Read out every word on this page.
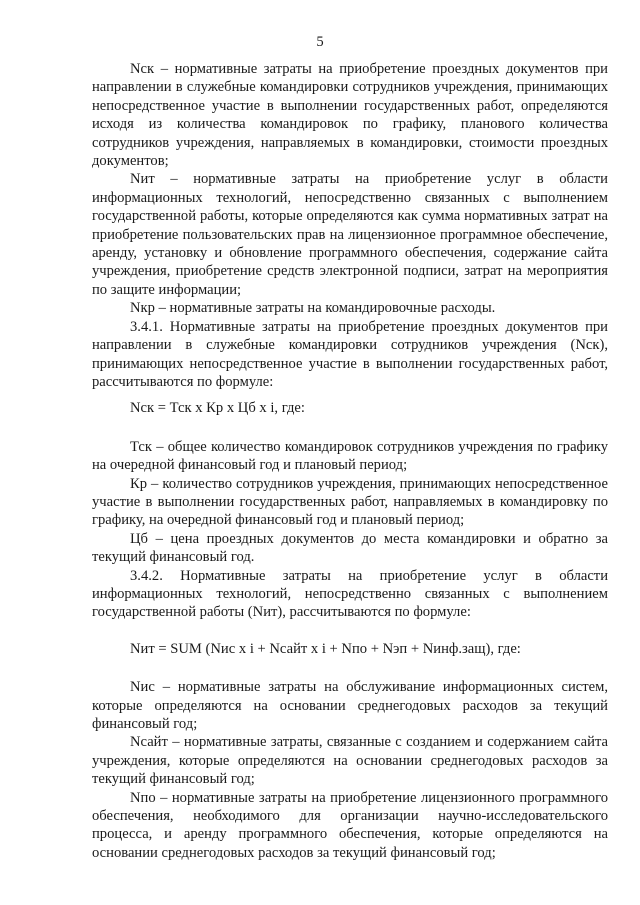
5

Nск – нормативные затраты на приобретение проездных документов при направлении в служебные командировки сотрудников учреждения, принимающих непосредственное участие в выполнении государственных работ, определяются исходя из количества командировок по графику, планового количества сотрудников учреждения, направляемых в командировки, стоимости проездных документов;

Nит – нормативные затраты на приобретение услуг в области информационных технологий, непосредственно связанных с выполнением государственной работы, которые определяются как сумма нормативных затрат на приобретение пользовательских прав на лицензионное программное обеспечение, аренду, установку и обновление программного обеспечения, содержание сайта учреждения, приобретение средств электронной подписи, затрат на мероприятия по защите информации;

Nкр – нормативные затраты на командировочные расходы.

3.4.1. Нормативные затраты на приобретение проездных документов при направлении в служебные командировки сотрудников учреждения (Nск), принимающих непосредственное участие в выполнении государственных работ, рассчитываются по формуле:

Nск = Тск х Кр х Цб х i, где:

Тск – общее количество командировок сотрудников учреждения по графику на очередной финансовый год и плановый период;

Кр – количество сотрудников учреждения, принимающих непосредственное участие в выполнении государственных работ, направляемых в командировку по графику, на очередной финансовый год и плановый период;

Цб – цена проездных документов до места командировки и обратно за текущий финансовый год.

3.4.2. Нормативные затраты на приобретение услуг в области информационных технологий, непосредственно связанных с выполнением государственной работы (Nит), рассчитываются по формуле:

Nит = SUM (Nис х i + Nсайт х i + Nпо + Nэп + Nинф.защ), где:

Nис – нормативные затраты на обслуживание информационных систем, которые определяются на основании среднегодовых расходов за текущий финансовый год;

Nсайт – нормативные затраты, связанные с созданием и содержанием сайта учреждения, которые определяются на основании среднегодовых расходов за текущий финансовый год;

Nпо – нормативные затраты на приобретение лицензионного программного обеспечения, необходимого для организации научно-исследовательского процесса, и аренду программного обеспечения, которые определяются на основании среднегодовых расходов за текущий финансовый год;
